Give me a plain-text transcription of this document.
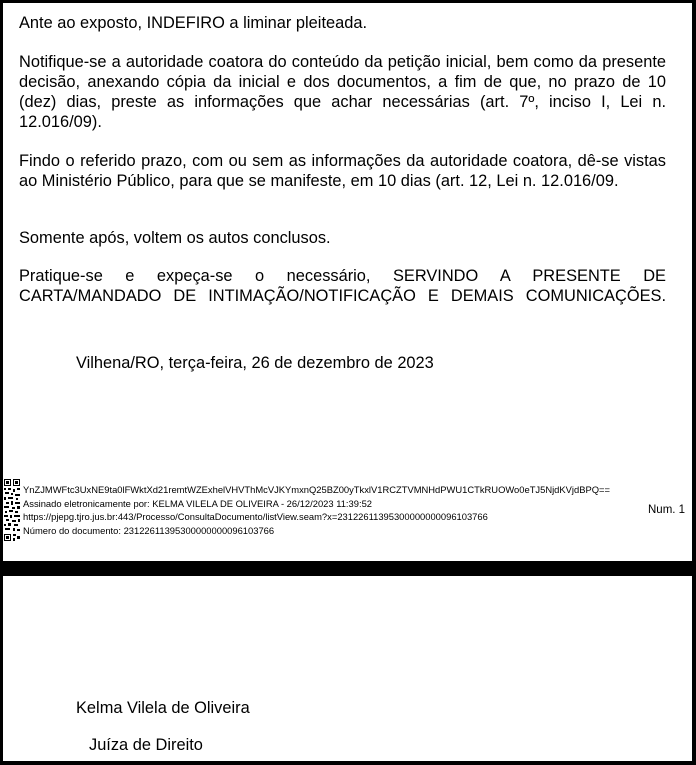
Ante ao exposto, INDEFIRO a liminar pleiteada.
Notifique-se a autoridade coatora do conteúdo da petição inicial, bem como da presente decisão, anexando cópia da inicial e dos documentos, a fim de que, no prazo de 10 (dez) dias, preste as informações que achar necessárias (art. 7º, inciso I, Lei n. 12.016/09).
Findo o referido prazo, com ou sem as informações da autoridade coatora, dê-se vistas ao Ministério Público, para que se manifeste, em 10 dias (art. 12, Lei n. 12.016/09.
Somente após, voltem os autos conclusos.
Pratique-se e expeça-se o necessário, SERVINDO A PRESENTE DE CARTA/MANDADO DE INTIMAÇÃO/NOTIFICAÇÃO E DEMAIS COMUNICAÇÕES.
Vilhena/RO, terça-feira, 26 de dezembro de 2023
YnZJMWFtc3UxNE9ta0lFWktXd21remtWZExhelVHVThMcVJKYmxnQ25BZ00yTkxlV1RCZTVMNHdPWU1CTkRUOWo0eTJ5NjdKVjdBPQ==
Assinado eletronicamente por: KELMA VILELA DE OLIVEIRA - 26/12/2023 11:39:52
https://pjepg.tjro.jus.br:443/Processo/ConsultaDocumento/listView.seam?x=23122611395300000000096103766
Número do documento: 23122611395300000000096103766
Num. 1
Kelma Vilela de Oliveira
Juíza de Direito
